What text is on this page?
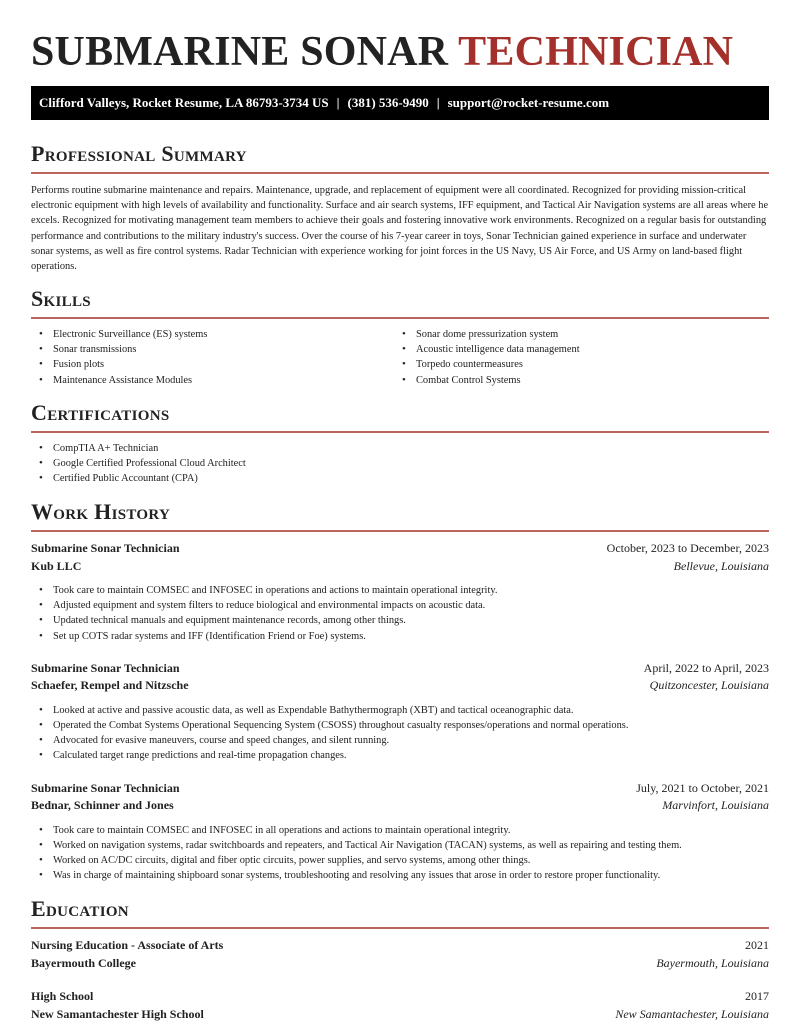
SUBMARINE SONAR TECHNICIAN
Clifford Valleys, Rocket Resume, LA 86793-3734 US | (381) 536-9490 | support@rocket-resume.com
Professional Summary
Performs routine submarine maintenance and repairs. Maintenance, upgrade, and replacement of equipment were all coordinated. Recognized for providing mission-critical electronic equipment with high levels of availability and functionality. Surface and air search systems, IFF equipment, and Tactical Air Navigation systems are all areas where he excels. Recognized for motivating management team members to achieve their goals and fostering innovative work environments. Recognized on a regular basis for outstanding performance and contributions to the military industry's success. Over the course of his 7-year career in toys, Sonar Technician gained experience in surface and underwater sonar systems, as well as fire control systems. Radar Technician with experience working for joint forces in the US Navy, US Air Force, and US Army on land-based flight operations.
Skills
• Electronic Surveillance (ES) systems
• Sonar transmissions
• Fusion plots
• Maintenance Assistance Modules
• Sonar dome pressurization system
• Acoustic intelligence data management
• Torpedo countermeasures
• Combat Control Systems
Certifications
• CompTIA A+ Technician
• Google Certified Professional Cloud Architect
• Certified Public Accountant (CPA)
Work History
Submarine Sonar Technician	October, 2023 to December, 2023
Kub LLC	Bellevue, Louisiana
• Took care to maintain COMSEC and INFOSEC in operations and actions to maintain operational integrity.
• Adjusted equipment and system filters to reduce biological and environmental impacts on acoustic data.
• Updated technical manuals and equipment maintenance records, among other things.
• Set up COTS radar systems and IFF (Identification Friend or Foe) systems.
Submarine Sonar Technician	April, 2022 to April, 2023
Schaefer, Rempel and Nitzsche	Quitzoncester, Louisiana
• Looked at active and passive acoustic data, as well as Expendable Bathythermograph (XBT) and tactical oceanographic data.
• Operated the Combat Systems Operational Sequencing System (CSOSS) throughout casualty responses/operations and normal operations.
• Advocated for evasive maneuvers, course and speed changes, and silent running.
• Calculated target range predictions and real-time propagation changes.
Submarine Sonar Technician	July, 2021 to October, 2021
Bednar, Schinner and Jones	Marvinfort, Louisiana
• Took care to maintain COMSEC and INFOSEC in all operations and actions to maintain operational integrity.
• Worked on navigation systems, radar switchboards and repeaters, and Tactical Air Navigation (TACAN) systems, as well as repairing and testing them.
• Worked on AC/DC circuits, digital and fiber optic circuits, power supplies, and servo systems, among other things.
• Was in charge of maintaining shipboard sonar systems, troubleshooting and resolving any issues that arose in order to restore proper functionality.
Education
Nursing Education - Associate of Arts	2021
Bayermouth College	Bayermouth, Louisiana
High School	2017
New Samantachester High School	New Samantachester, Louisiana
